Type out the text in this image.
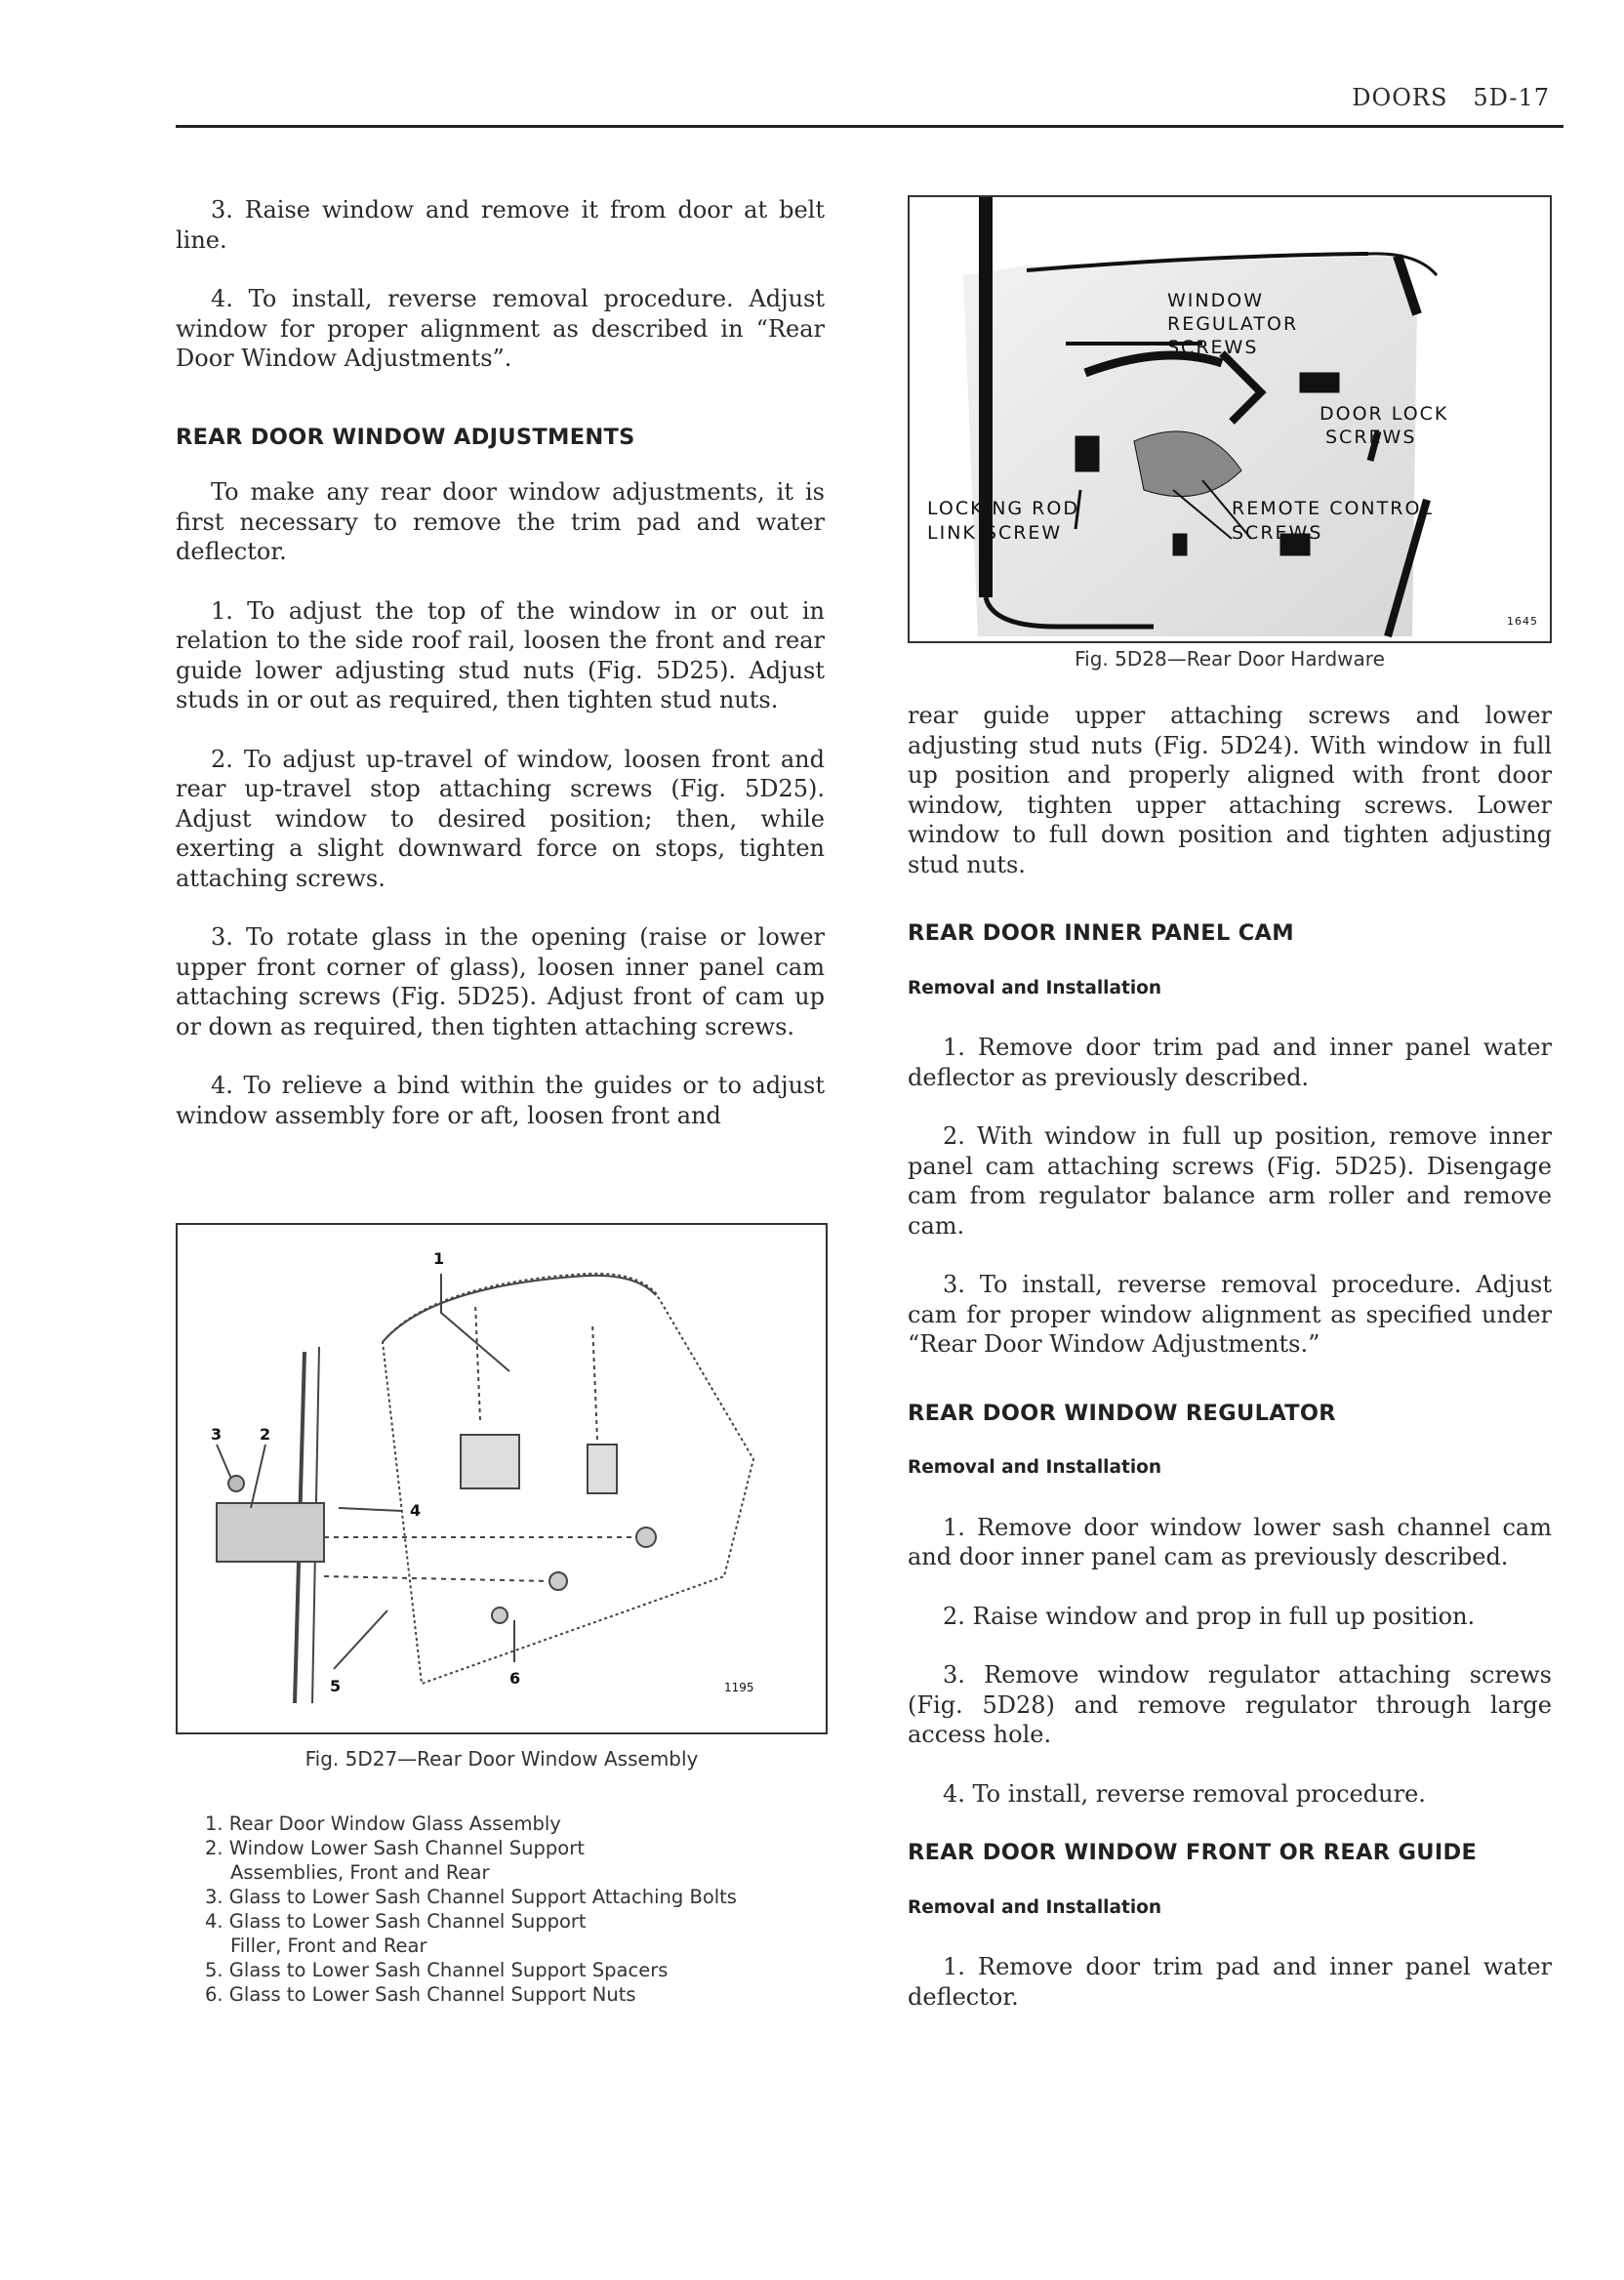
DOORS 5D-17

3. Raise window and remove it from door at belt line.

4. To install, reverse removal procedure. Adjust window for proper alignment as described in “Rear Door Window Adjustments”.

REAR DOOR WINDOW ADJUSTMENTS

To make any rear door window adjustments, it is first necessary to remove the trim pad and water deflector.

1. To adjust the top of the window in or out in relation to the side roof rail, loosen the front and rear guide lower adjusting stud nuts (Fig. 5D25). Adjust studs in or out as required, then tighten stud nuts.

2. To adjust up-travel of window, loosen front and rear up-travel stop attaching screws (Fig. 5D25). Adjust window to desired position; then, while exerting a slight downward force on stops, tighten attaching screws.

3. To rotate glass in the opening (raise or lower upper front corner of glass), loosen inner panel cam attaching screws (Fig. 5D25). Adjust front of cam up or down as required, then tighten attaching screws.

4. To relieve a bind within the guides or to adjust window assembly fore or aft, loosen front and

1
2
3
4
5	6	1195
Fig. 5D27—Rear Door Window Assembly
1. Rear Door Window Glass Assembly
2. Window Lower Sash Channel Support
Assemblies, Front and Rear
3. Glass to Lower Sash Channel Support Attaching Bolts
4. Glass to Lower Sash Channel Support
Filler, Front and Rear
5. Glass to Lower Sash Channel Support Spacers
6. Glass to Lower Sash Channel Support Nuts
WINDOW
REGULATOR
SCREWS
DOOR LOCK
SCREWS
LOCKING ROD
LINK SCREW
REMOTE CONTROL
SCREWS
1645
Fig. 5D28—Rear Door Hardware

rear guide upper attaching screws and lower adjusting stud nuts (Fig. 5D24). With window in full up position and properly aligned with front door window, tighten upper attaching screws. Lower window to full down position and tighten adjusting stud nuts.

REAR DOOR INNER PANEL CAM
Removal and Installation

1. Remove door trim pad and inner panel water deflector as previously described.

2. With window in full up position, remove inner panel cam attaching screws (Fig. 5D25). Disengage cam from regulator balance arm roller and remove cam.

3. To install, reverse removal procedure. Adjust cam for proper window alignment as specified under “Rear Door Window Adjustments.”

REAR DOOR WINDOW REGULATOR
Removal and Installation

1. Remove door window lower sash channel cam and door inner panel cam as previously described.

2. Raise window and prop in full up position.

3. Remove window regulator attaching screws (Fig. 5D28) and remove regulator through large access hole.

4. To install, reverse removal procedure.

REAR DOOR WINDOW FRONT OR REAR GUIDE
Removal and Installation

1. Remove door trim pad and inner panel water deflector.
